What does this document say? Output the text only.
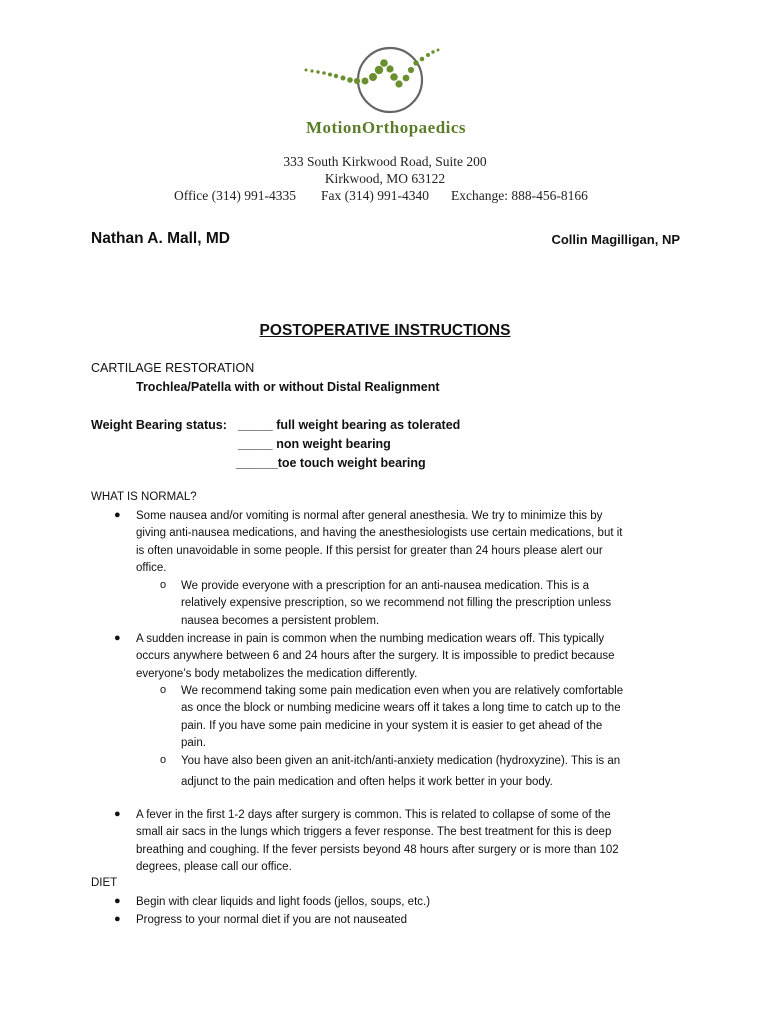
MotionOrthopaedics
333 South Kirkwood Road, Suite 200
Kirkwood, MO 63122
Office (314) 991-4335 Fax (314) 991-4340 Exchange: 888-456-8166
Nathan A. Mall, MD	Collin Magilligan, NP
POSTOPERATIVE INSTRUCTIONS
CARTILAGE RESTORATION
Trochlea/Patella with or without Distal Realignment
Weight Bearing status: _____ full weight bearing as tolerated
_____ non weight bearing
______toe touch weight bearing
WHAT IS NORMAL?
● Some nausea and/or vomiting is normal after general anesthesia. We try to minimize this by
giving anti-nausea medications, and having the anesthesiologists use certain medications, but it
is often unavoidable in some people. If this persist for greater than 24 hours please alert our
office.
o We provide everyone with a prescription for an anti-nausea medication. This is a
relatively expensive prescription, so we recommend not filling the prescription unless
nausea becomes a persistent problem.
● A sudden increase in pain is common when the numbing medication wears off. This typically
occurs anywhere between 6 and 24 hours after the surgery. It is impossible to predict because
everyone’s body metabolizes the medication differently.
o We recommend taking some pain medication even when you are relatively comfortable
as once the block or numbing medicine wears off it takes a long time to catch up to the
pain. If you have some pain medicine in your system it is easier to get ahead of the
pain.
o You have also been given an anit-itch/anti-anxiety medication (hydroxyzine). This is an
adjunct to the pain medication and often helps it work better in your body.
● A fever in the first 1-2 days after surgery is common. This is related to collapse of some of the
small air sacs in the lungs which triggers a fever response. The best treatment for this is deep
breathing and coughing. If the fever persists beyond 48 hours after surgery or is more than 102
degrees, please call our office.
DIET
● Begin with clear liquids and light foods (jellos, soups, etc.)
● Progress to your normal diet if you are not nauseated
